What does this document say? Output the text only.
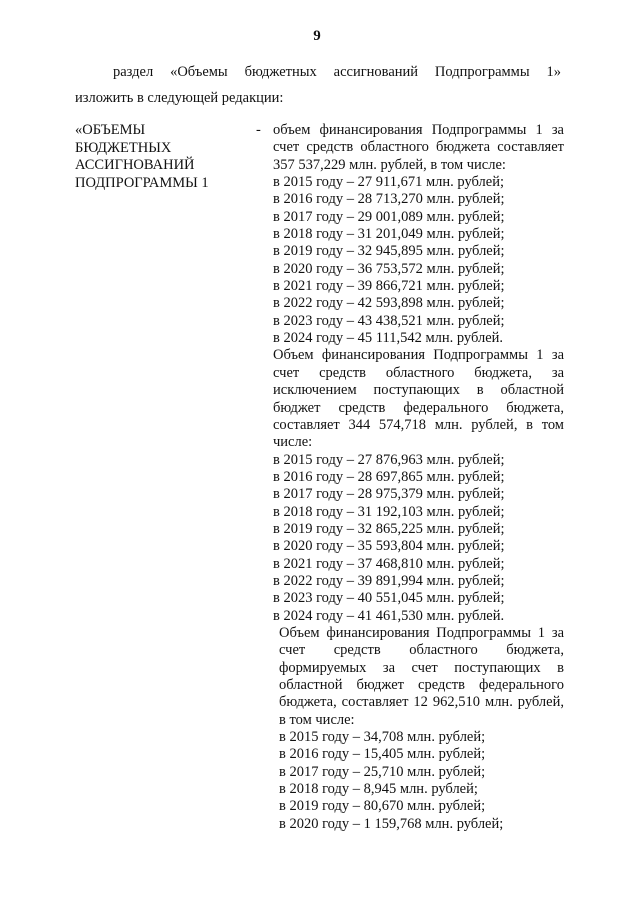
9
раздел «Объемы бюджетных ассигнований Подпрограммы 1»
изложить в следующей редакции:
«ОБЪЕМЫ
БЮДЖЕТНЫХ
АССИГНОВАНИЙ
ПОДПРОГРАММЫ 1
- объем финансирования Подпрограммы 1 за счет средств областного бюджета составляет 357 537,229 млн. рублей, в том числе:

в 2015 году – 27 911,671 млн. рублей;
в 2016 году – 28 713,270 млн. рублей;
в 2017 году – 29 001,089 млн. рублей;
в 2018 году – 31 201,049 млн. рублей;
в 2019 году – 32 945,895 млн. рублей;
в 2020 году – 36 753,572 млн. рублей;
в 2021 году – 39 866,721 млн. рублей;
в 2022 году – 42 593,898 млн. рублей;
в 2023 году – 43 438,521 млн. рублей;
в 2024 году – 45 111,542 млн. рублей.

Объем финансирования Подпрограммы 1 за счет средств областного бюджета, за исключением поступающих в областной бюджет средств федерального бюджета, составляет 344 574,718 млн. рублей, в том числе:

в 2015 году – 27 876,963 млн. рублей;
в 2016 году – 28 697,865 млн. рублей;
в 2017 году – 28 975,379 млн. рублей;
в 2018 году – 31 192,103 млн. рублей;
в 2019 году – 32 865,225 млн. рублей;
в 2020 году – 35 593,804 млн. рублей;
в 2021 году – 37 468,810 млн. рублей;
в 2022 году – 39 891,994 млн. рублей;
в 2023 году – 40 551,045 млн. рублей;
в 2024 году – 41 461,530 млн. рублей.

Объем финансирования Подпрограммы 1 за счет средств областного бюджета, формируемых за счет поступающих в областной бюджет средств федерального бюджета, составляет 12 962,510 млн. рублей, в том числе:

в 2015 году – 34,708 млн. рублей;
в 2016 году – 15,405 млн. рублей;
в 2017 году – 25,710 млн. рублей;
в 2018 году – 8,945 млн. рублей;
в 2019 году – 80,670 млн. рублей;
в 2020 году – 1 159,768 млн. рублей;
